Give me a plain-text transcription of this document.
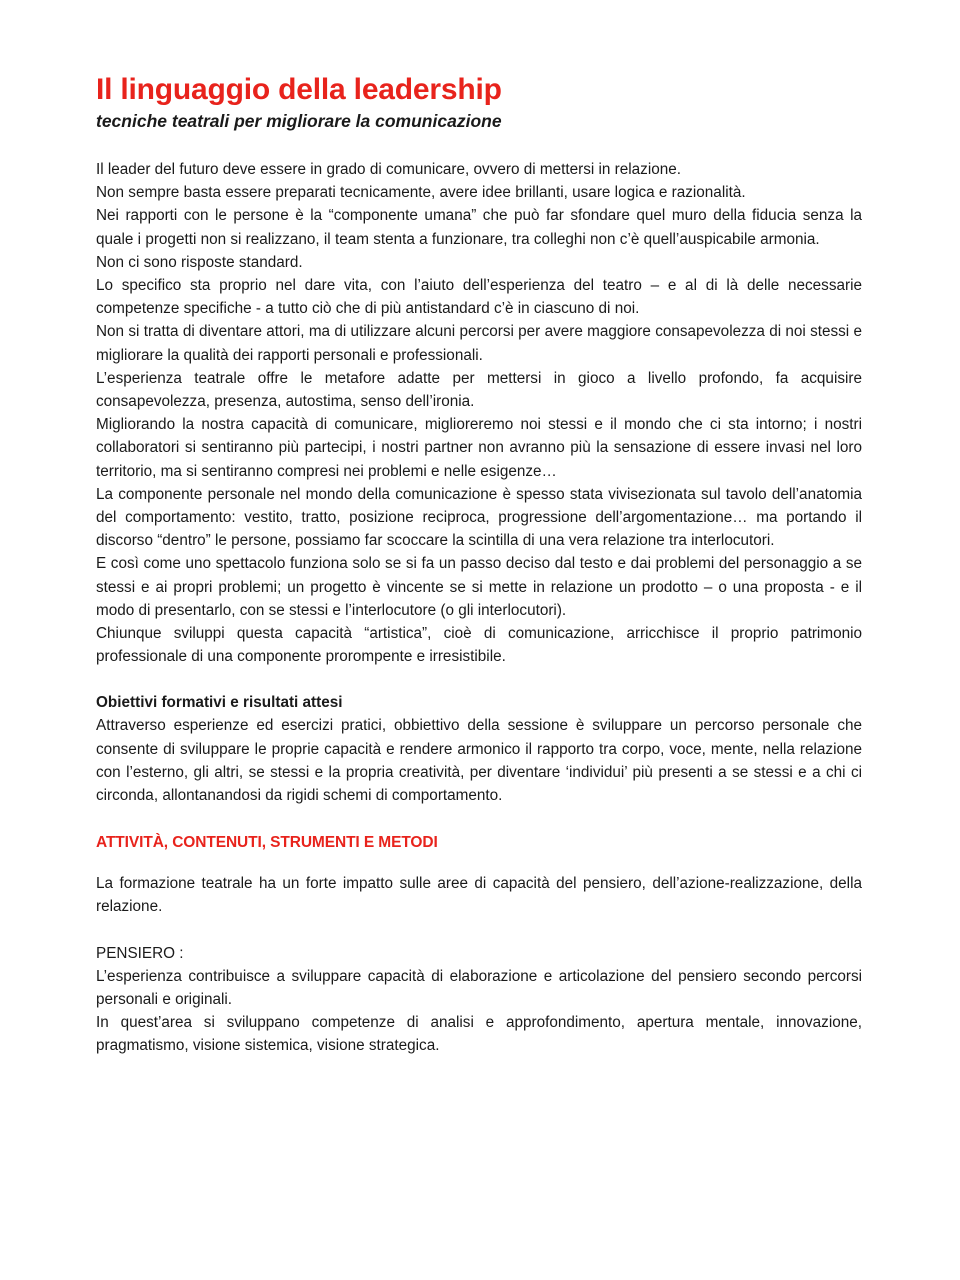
Il linguaggio della leadership
tecniche teatrali per migliorare la comunicazione

Il leader del futuro deve essere in grado di comunicare, ovvero di mettersi in relazione.

Non sempre basta essere preparati tecnicamente, avere idee brillanti, usare logica e razionalità.

Nei rapporti con le persone è la “componente umana” che può far sfondare quel muro della fiducia senza la quale i progetti non si realizzano, il team stenta a funzionare, tra colleghi non c’è quell’auspicabile armonia.

Non ci sono risposte standard.

Lo specifico sta proprio nel dare vita, con l’aiuto dell’esperienza del teatro – e al di là delle necessarie competenze specifiche - a tutto ciò che di più antistandard c’è in ciascuno di noi.

Non si tratta di diventare attori, ma di utilizzare alcuni percorsi per avere maggiore consapevolezza di noi stessi e migliorare la qualità dei rapporti personali e professionali.

L’esperienza teatrale offre le metafore adatte per mettersi in gioco a livello profondo, fa acquisire consapevolezza, presenza, autostima, senso dell’ironia.

Migliorando la nostra capacità di comunicare, miglioreremo noi stessi e il mondo che ci sta intorno; i nostri collaboratori si sentiranno più partecipi, i nostri partner non avranno più la sensazione di essere invasi nel loro territorio, ma si sentiranno compresi nei problemi e nelle esigenze…

La componente personale nel mondo della comunicazione è spesso stata vivisezionata sul tavolo dell’anatomia del comportamento: vestito, tratto, posizione reciproca, progressione dell’argomentazione… ma portando il discorso “dentro” le persone, possiamo far scoccare la scintilla di una vera relazione tra interlocutori.

E così come uno spettacolo funziona solo se si fa un passo deciso dal testo e dai problemi del personaggio a se stessi e ai propri problemi; un progetto è vincente se si mette in relazione un prodotto – o una proposta - e il modo di presentarlo, con se stessi e l’interlocutore (o gli interlocutori).

Chiunque sviluppi questa capacità “artistica”, cioè di comunicazione, arricchisce il proprio patrimonio professionale di una componente prorompente e irresistibile.

Obiettivi formativi e risultati attesi

Attraverso esperienze ed esercizi pratici, obbiettivo della sessione è sviluppare un percorso personale che consente di sviluppare le proprie capacità e rendere armonico il rapporto tra corpo, voce, mente, nella relazione con l’esterno, gli altri, se stessi e la propria creatività, per diventare ‘individui’ più presenti a se stessi e a chi ci circonda, allontanandosi da rigidi schemi di comportamento.

ATTIVITÀ, CONTENUTI, STRUMENTI E METODI

La formazione teatrale ha un forte impatto sulle aree di capacità del pensiero, dell’azione-realizzazione, della relazione.

PENSIERO :

L’esperienza contribuisce a sviluppare capacità di elaborazione e articolazione del pensiero secondo percorsi personali e originali.

In quest’area si sviluppano competenze di analisi e approfondimento, apertura mentale, innovazione, pragmatismo, visione sistemica, visione strategica.
